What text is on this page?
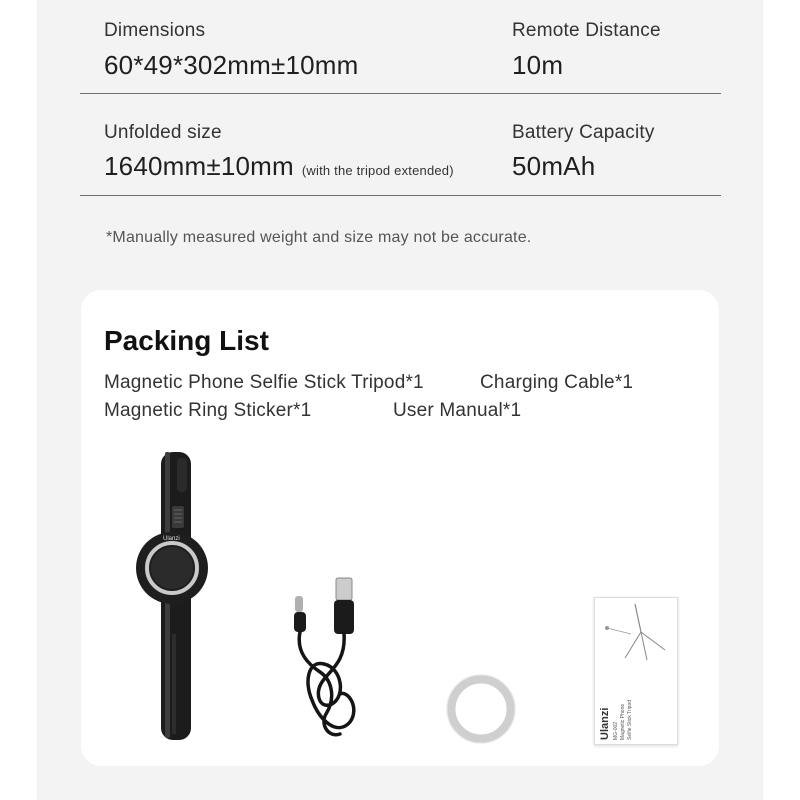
Dimensions
60*49*302mm±10mm
Remote Distance
10m
Unfolded size
1640mm±10mm (with the tripod extended)
Battery Capacity
50mAh
*Manually measured weight and size may not be accurate.
Packing List
Magnetic Phone Selfie Stick Tripod*1	Charging Cable*1
Magnetic Ring Sticker*1	User Manual*1
Ulanzi
Ulanzi MG-002 Magnetic Phone Selfie Stick Tripod
